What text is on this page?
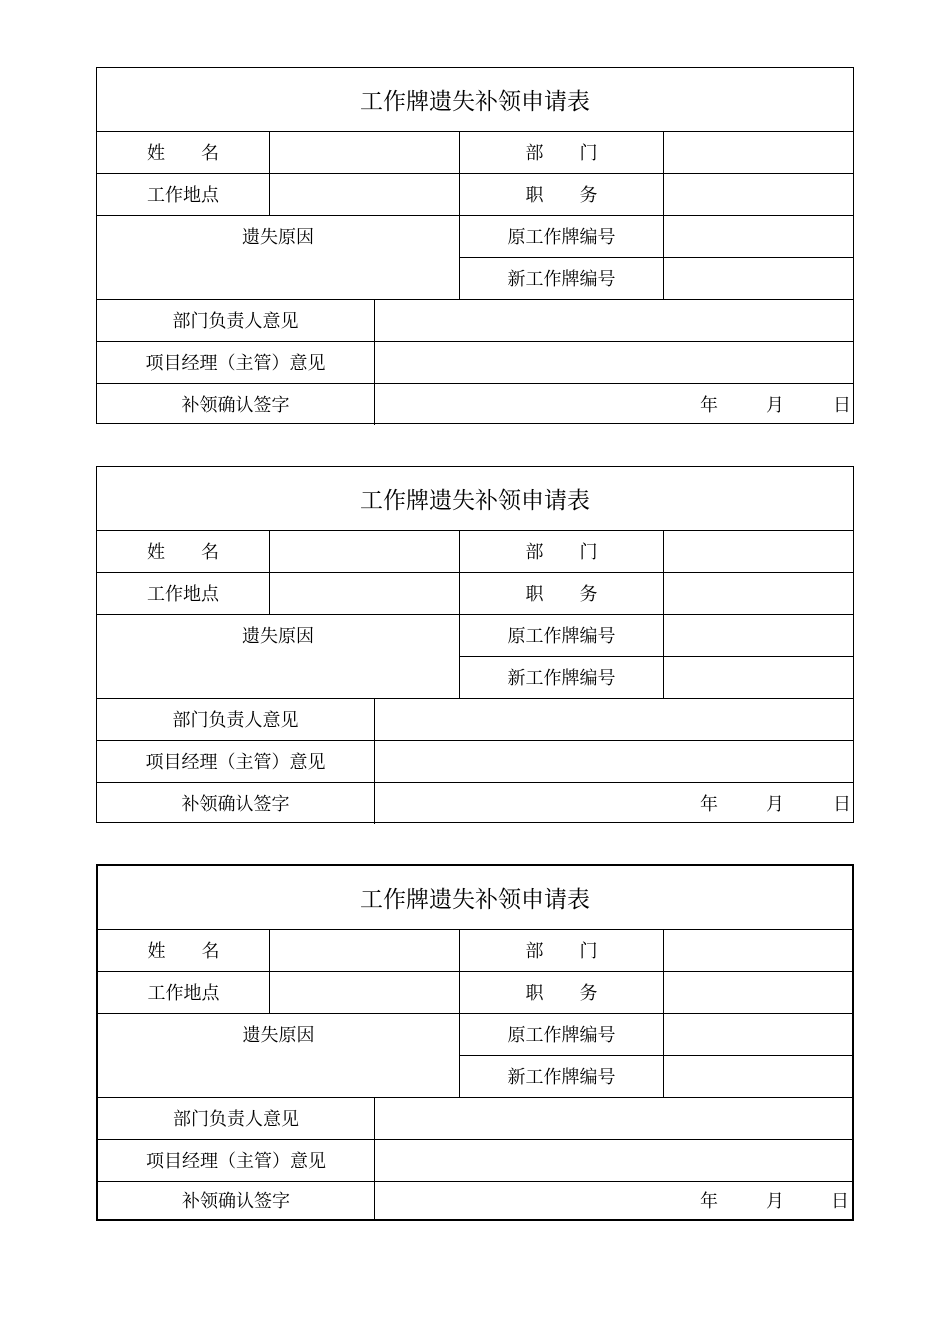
工作牌遗失补领申请表
姓　　名	部　　门
工作地点	职　　务
遗失原因	原工作牌编号
新工作牌编号
部门负责人意见
项目经理（主管）意见
补领确认签字	年	月	日
工作牌遗失补领申请表
姓　　名	部　　门
工作地点	职　　务
遗失原因	原工作牌编号
新工作牌编号
部门负责人意见
项目经理（主管）意见
补领确认签字	年	月	日
工作牌遗失补领申请表
姓　　名	部　　门
工作地点	职　　务
遗失原因	原工作牌编号
新工作牌编号
部门负责人意见
项目经理（主管）意见
补领确认签字	年	月	日
